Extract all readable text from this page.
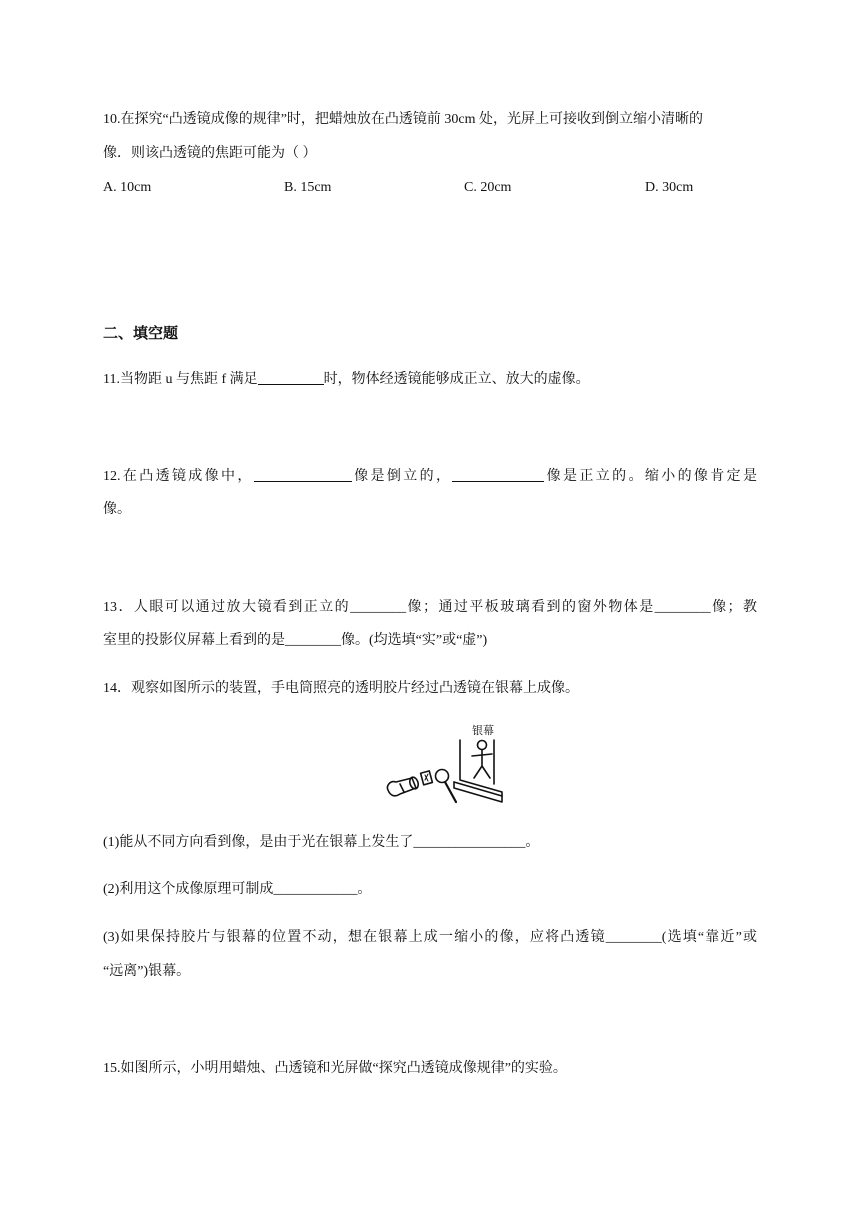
10.在探究“凸透镜成像的规律”时，把蜡烛放在凸透镜前 30cm 处，光屏上可接收到倒立缩小清晰的
像．则该凸透镜的焦距可能为（ ）
A. 10cm	B. 15cm	C. 20cm	D. 30cm
二、填空题
11.当物距 u 与焦距 f 满足	时，物体经透镜能够成正立、放大的虚像。
12.在凸透镜成像中，	像是倒立的，	像是正立的。缩小的像肯定是
像。
13．人眼可以通过放大镜看到正立的________像；通过平板玻璃看到的窗外物体是________像；教
室里的投影仪屏幕上看到的是________像。(均选填“实”或“虚”)
14．观察如图所示的装置，手电筒照亮的透明胶片经过凸透镜在银幕上成像。
银幕
(1)能从不同方向看到像，是由于光在银幕上发生了________________。
(2)利用这个成像原理可制成____________。
(3)如果保持胶片与银幕的位置不动，想在银幕上成一缩小的像，应将凸透镜________(选填“靠近”或
“远离”)银幕。
15.如图所示，小明用蜡烛、凸透镜和光屏做“探究凸透镜成像规律”的实验。
